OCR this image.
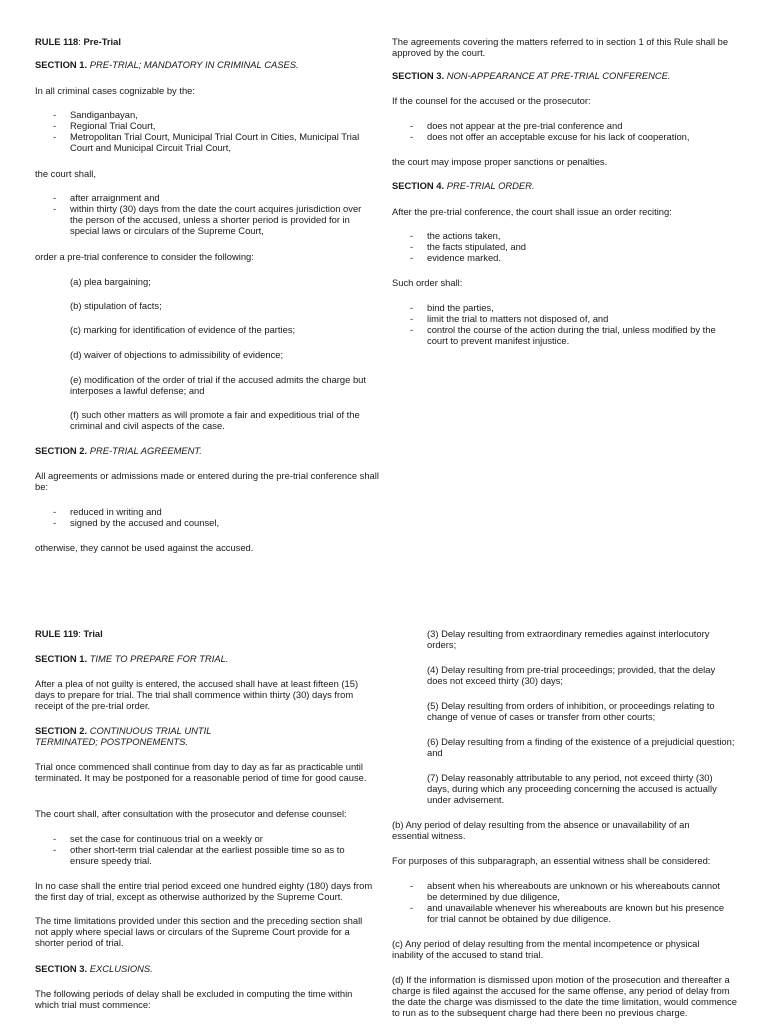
RULE 118: Pre-Trial

SECTION 1. PRE-TRIAL; MANDATORY IN CRIMINAL CASES.

In all criminal cases cognizable by the:

-	Sandiganbayan,
-	Regional Trial Court,
-	Metropolitan Trial Court, Municipal Trial Court in Cities, Municipal Trial Court and Municipal Circuit Trial Court,

the court shall,

-	after arraignment and
-	within thirty (30) days from the date the court acquires jurisdiction over the person of the accused, unless a shorter period is provided for in special laws or circulars of the Supreme Court,

order a pre-trial conference to consider the following:

(a) plea bargaining;

(b) stipulation of facts;

(c) marking for identification of evidence of the parties;

(d) waiver of objections to admissibility of evidence;

(e) modification of the order of trial if the accused admits the charge but interposes a lawful defense; and

(f) such other matters as will promote a fair and expeditious trial of the criminal and civil aspects of the case.

SECTION 2. PRE-TRIAL AGREEMENT.

All agreements or admissions made or entered during the pre-trial conference shall be:

-	reduced in writing and
-	signed by the accused and counsel,

otherwise, they cannot be used against the accused.

The agreements covering the matters referred to in section 1 of this Rule shall be approved by the court.

SECTION 3. NON-APPEARANCE AT PRE-TRIAL CONFERENCE.

If the counsel for the accused or the prosecutor:

-	does not appear at the pre-trial conference and
-	does not offer an acceptable excuse for his lack of cooperation,

the court may impose proper sanctions or penalties.

SECTION 4. PRE-TRIAL ORDER.

After the pre-trial conference, the court shall issue an order reciting:

-	the actions taken,
-	the facts stipulated, and
-	evidence marked.

Such order shall:

-	bind the parties,
-	limit the trial to matters not disposed of, and
-	control the course of the action during the trial, unless modified by the court to prevent manifest injustice.

RULE 119: Trial

SECTION 1. TIME TO PREPARE FOR TRIAL.

After a plea of not guilty is entered, the accused shall have at least fifteen (15) days to prepare for trial. The trial shall commence within thirty (30) days from receipt of the pre-trial order.

SECTION 2. CONTINUOUS TRIAL UNTIL
TERMINATED; POSTPONEMENTS.

Trial once commenced shall continue from day to day as far as practicable until terminated. It may be postponed for a reasonable period of time for good cause.

The court shall, after consultation with the prosecutor and defense counsel:

-	set the case for continuous trial on a weekly or
-	other short-term trial calendar at the earliest possible time so as to ensure speedy trial.

In no case shall the entire trial period exceed one hundred eighty (180) days from the first day of trial, except as otherwise authorized by the Supreme Court.

The time limitations provided under this section and the preceding section shall not apply where special laws or circulars of the Supreme Court provide for a shorter period of trial.

SECTION 3. EXCLUSIONS.

The following periods of delay shall be excluded in computing the time within which trial must commence:

(3) Delay resulting from extraordinary remedies against interlocutory orders;

(4) Delay resulting from pre-trial proceedings; provided, that the delay does not exceed thirty (30) days;

(5) Delay resulting from orders of inhibition, or proceedings relating to change of venue of cases or transfer from other courts;

(6) Delay resulting from a finding of the existence of a prejudicial question; and

(7) Delay reasonably attributable to any period, not exceed thirty (30) days, during which any proceeding concerning the accused is actually under advisement.

(b) Any period of delay resulting from the absence or unavailability of an essential witness.

For purposes of this subparagraph, an essential witness shall be considered:

-	absent when his whereabouts are unknown or his whereabouts cannot be determined by due diligence,
-	and unavailable whenever his whereabouts are known but his presence for trial cannot be obtained by due diligence.

(c) Any period of delay resulting from the mental incompetence or physical inability of the accused to stand trial.

(d) If the information is dismissed upon motion of the prosecution and thereafter a charge is filed against the accused for the same offense, any period of delay from the date the charge was dismissed to the date the time limitation, would commence to run as to the subsequent charge had there been no previous charge.
